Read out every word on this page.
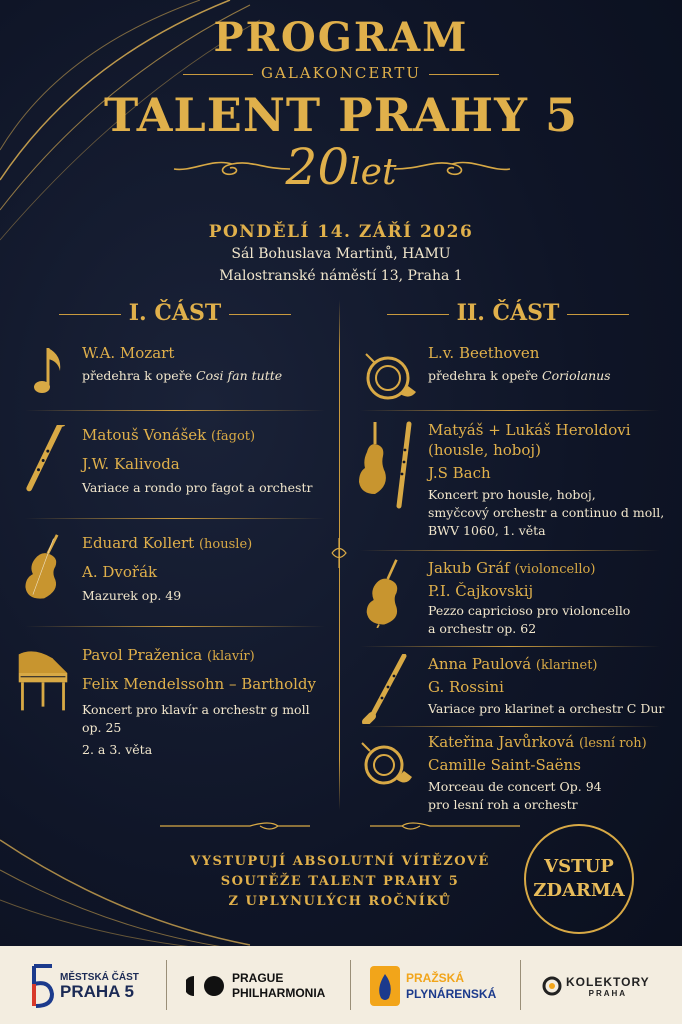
PROGRAM
GALAKONCERTU
TALENT PRAHY 5
20let
PONDĚLÍ 14. ZÁŘÍ 2026
Sál Bohuslava Martinů, HAMU
Malostranské náměstí 13, Praha 1
I. ČÁST	II. ČÁST
W.A. Mozart
předehra k opeře Cosi fan tutte
Matouš Vonášek (fagot)
J.W. Kalivoda
Variace a rondo pro fagot a orchestr
Eduard Kollert (housle)
A. Dvořák
Mazurek op. 49
Pavol Praženica (klavír)
Felix Mendelssohn – Bartholdy
Koncert pro klavír a orchestr g moll op. 25
2. a 3. věta
L.v. Beethoven
předehra k opeře Coriolanus
Matyáš + Lukáš Heroldovi
(housle, hoboj)
J.S Bach
Koncert pro housle, hoboj,
smyčcový orchestr a continuo d moll,
BWV 1060, 1. věta
Jakub Gráf (violoncello)
P.I. Čajkovskij
Pezzo capricioso pro violoncello
a orchestr op. 62
Anna Paulová (klarinet)
G. Rossini
Variace pro klarinet a orchestr C Dur
Kateřina Javůrková (lesní roh)
Camille Saint-Saëns
Morceau de concert Op. 94
pro lesní roh a orchestr
VYSTUPUJÍ ABSOLUTNÍ VÍTĚZOVÉ
SOUTĚŽE TALENT PRAHY 5
Z UPLYNULÝCH ROČNÍKŮ
VSTUP
ZDARMA
MĚSTSKÁ ČÁST
PRAHA 5
PRAGUE
PHILHARMONIA
PRAŽSKÁ
PLYNÁRENSKÁ
KOLEKTORY
PRAHA
